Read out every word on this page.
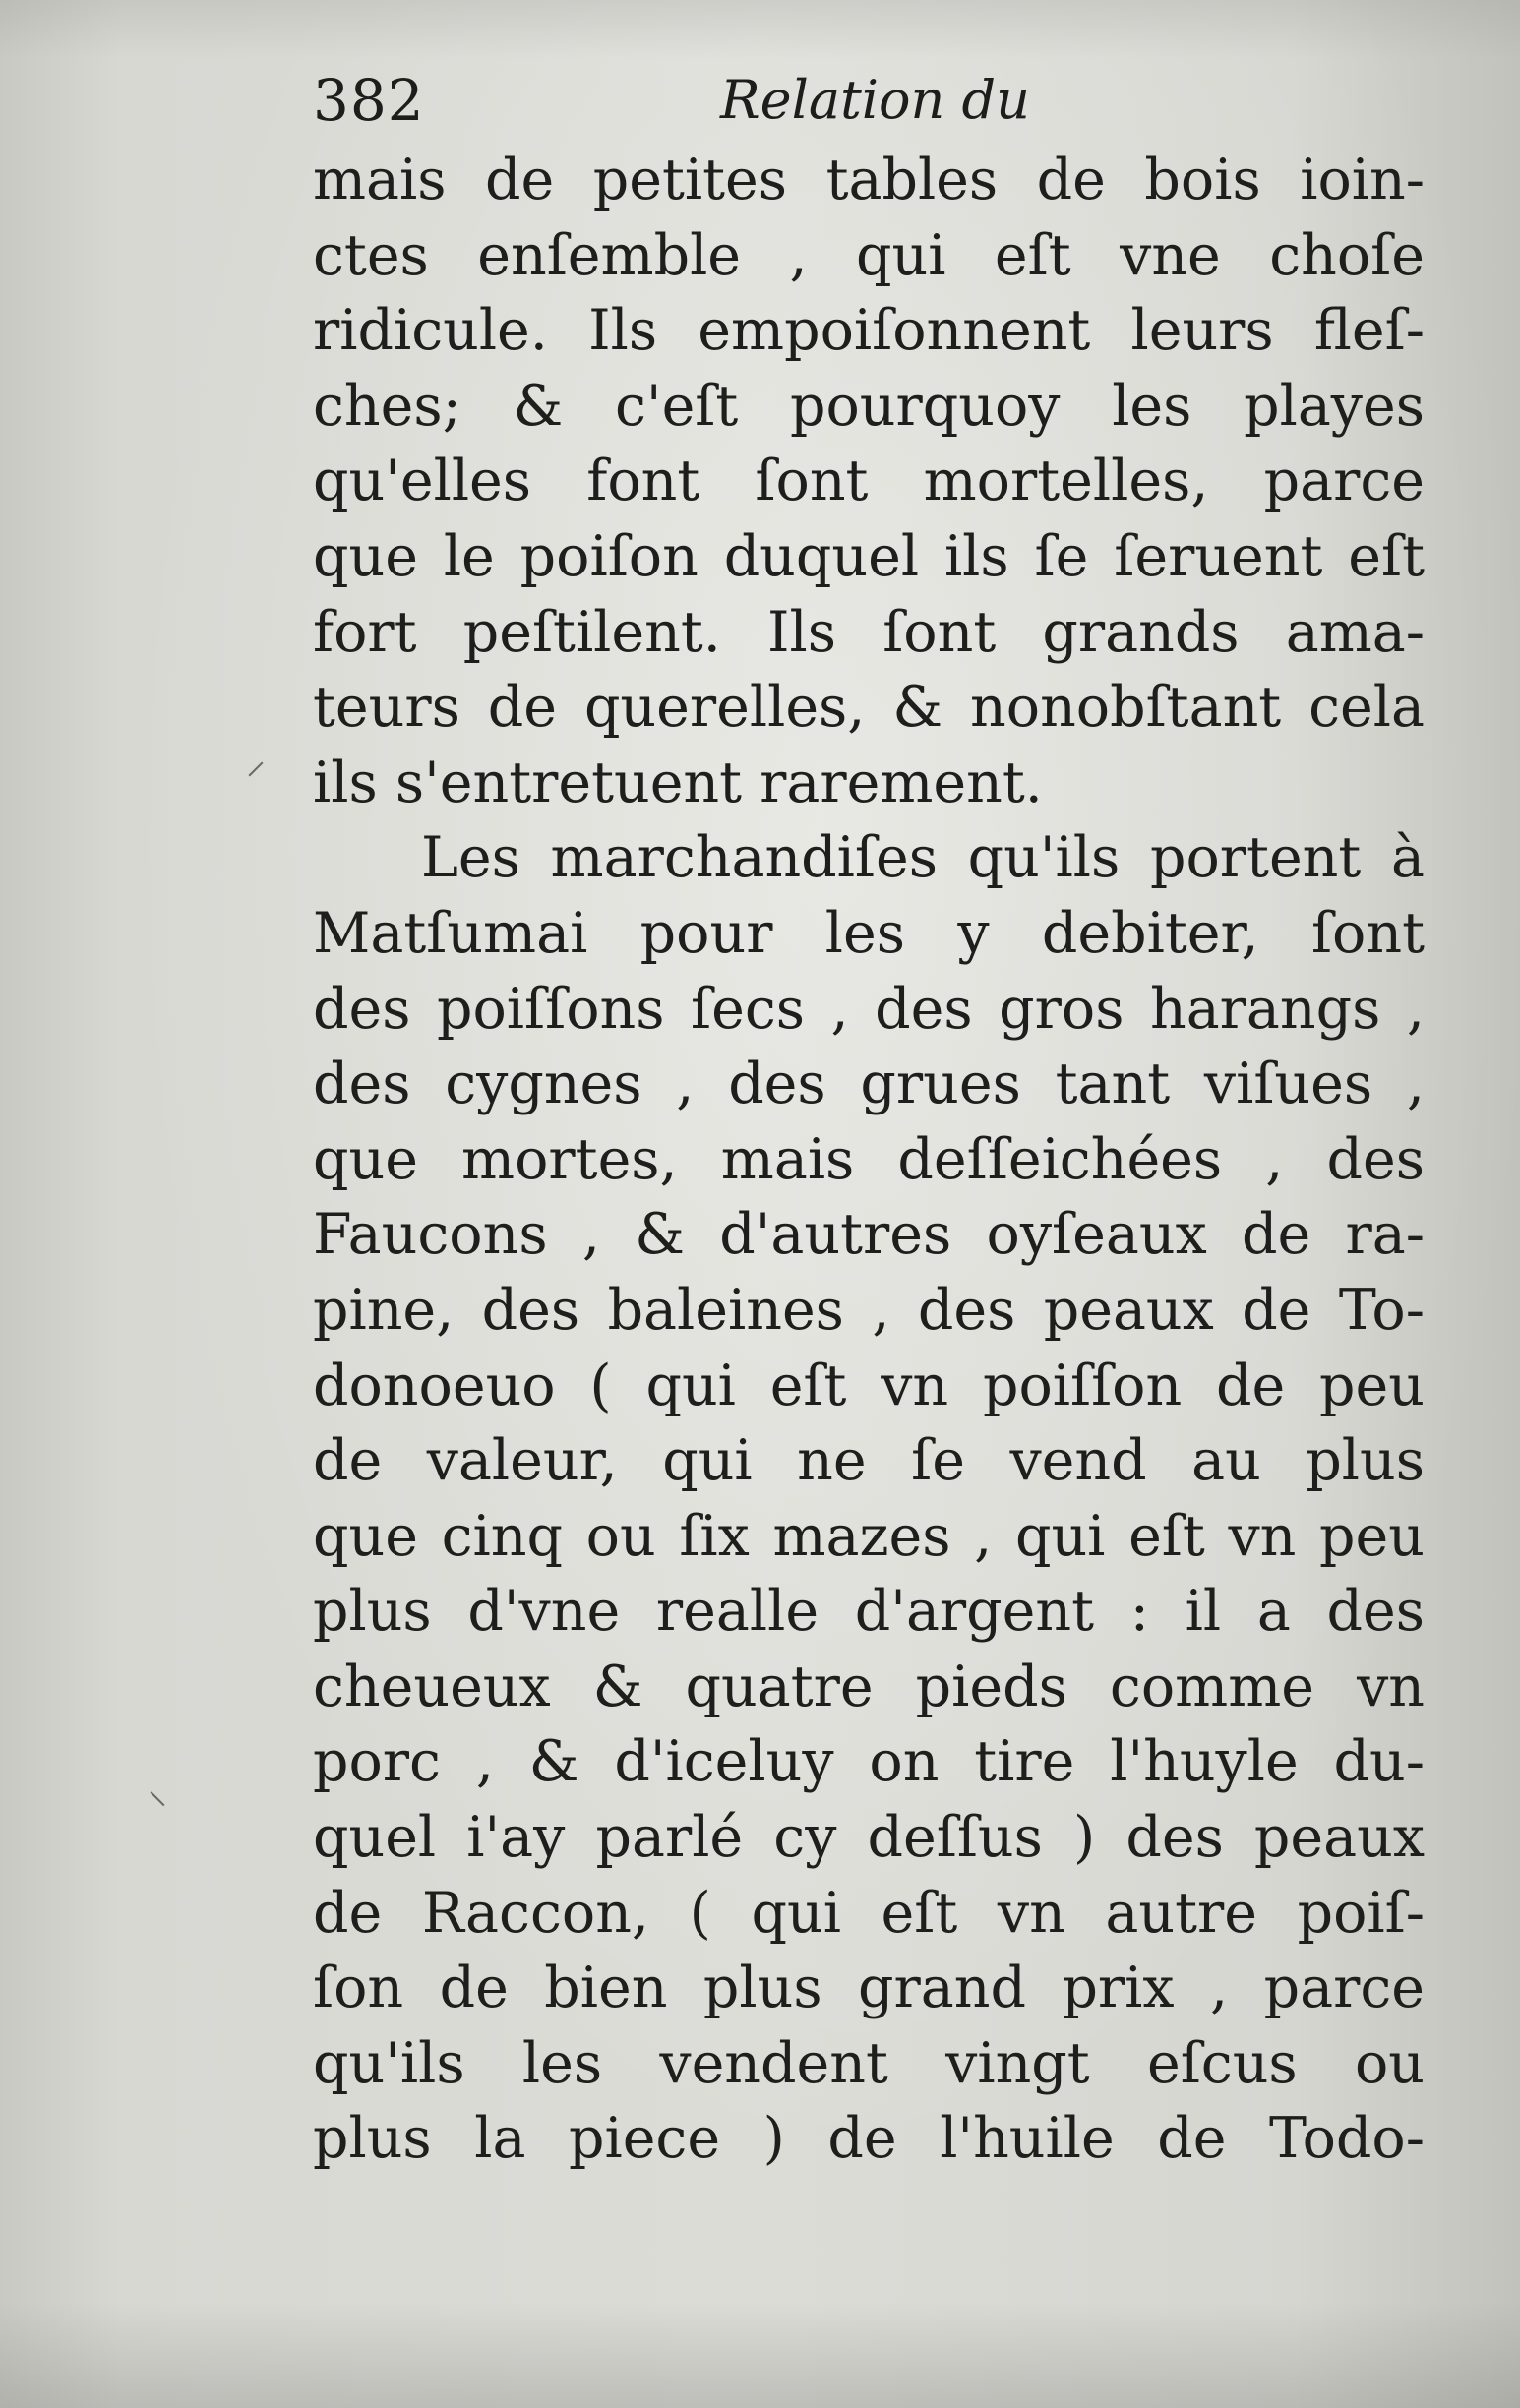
382	Relation du
mais de petites tables de bois ioin-
ctes enſemble , qui eſt vne choſe
ridicule. Ils empoiſonnent leurs fleſ-
ches; & c'eſt pourquoy les playes
qu'elles font ſont mortelles, parce
que le poiſon duquel ils ſe ſeruent eſt
fort peſtilent. Ils ſont grands ama-
teurs de querelles, & nonobſtant cela
ils s'entretuent rarement.
Les marchandiſes qu'ils portent à
Matſumai pour les y debiter, ſont
des poiſſons ſecs , des gros harangs ,
des cygnes , des grues tant viſues ,
que mortes, mais deſſeichées , des
Faucons , & d'autres oyſeaux de ra-
pine, des baleines , des peaux de To-
donoeuo ( qui eſt vn poiſſon de peu
de valeur, qui ne ſe vend au plus
que cinq ou ſix mazes , qui eſt vn peu
plus d'vne realle d'argent : il a des
cheueux & quatre pieds comme vn
porc , & d'iceluy on tire l'huyle du-
quel i'ay parlé cy deſſus ) des peaux
de Raccon, ( qui eſt vn autre poiſ-
ſon de bien plus grand prix , parce
qu'ils les vendent vingt eſcus ou
plus la piece ) de l'huile de Todo-
⸍
⸜
